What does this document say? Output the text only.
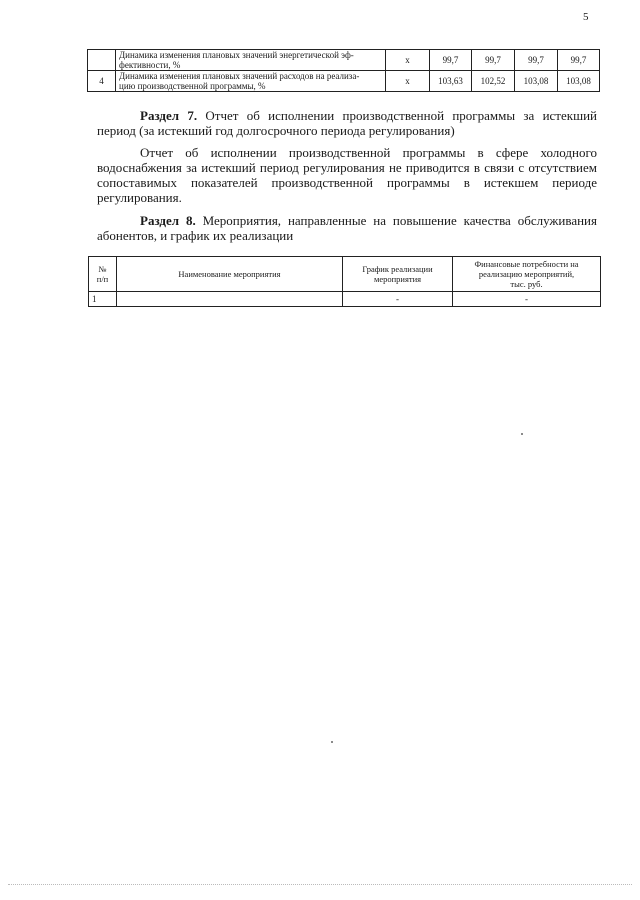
5
	Динамика изменения плановых значений энергетической эф-
фективности, %	х	99,7	99,7	99,7	99,7
4	Динамика изменения плановых значений расходов на реализа-
цию производственной программы, %	х	103,63	102,52	103,08	103,08

Раздел 7. Отчет об исполнении производственной программы за истекший период (за истекший год долгосрочного периода регулирования)

Отчет об исполнении производственной программы в сфере холодного водоснабжения за истекший период регулирования не приводится в связи с отсутствием сопоставимых показателей производственной программы в истекшем периоде регулирования.

Раздел 8. Мероприятия, направленные на повышение качества обслуживания абонентов, и график их реализации

№
п/п	Наименование мероприятия	График реализации
мероприятия	Финансовые потребности на
реализацию мероприятий,
тыс. руб.
1		-	-
